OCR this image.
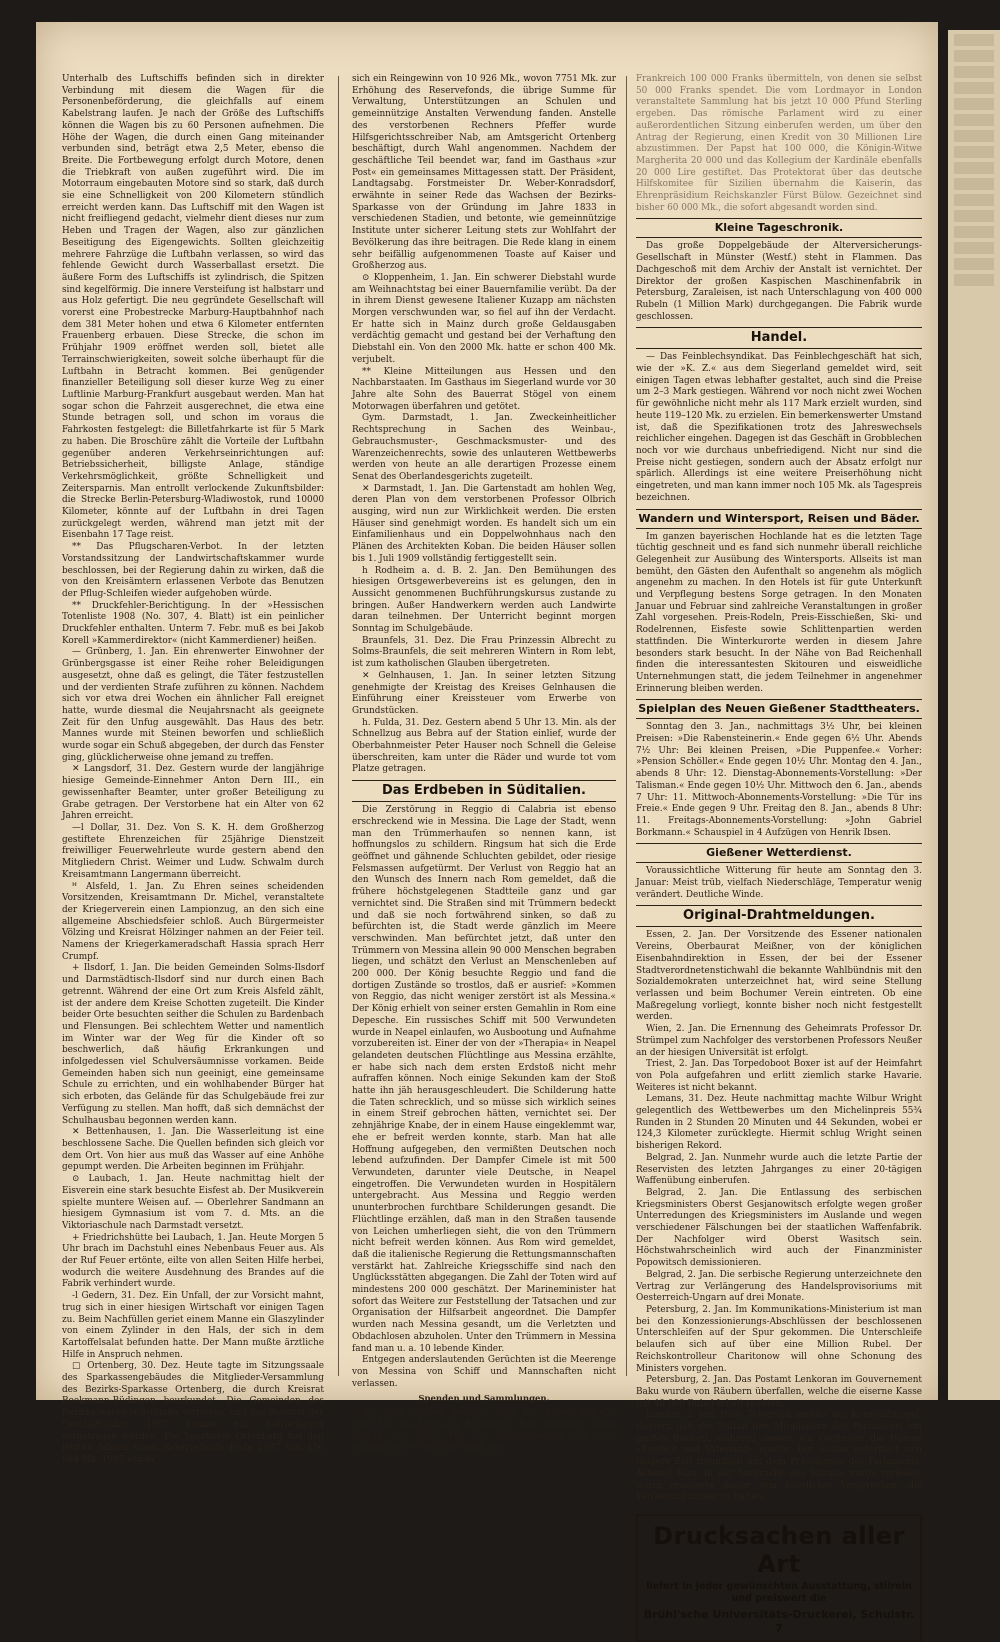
Unterhalb des Luftschiffs befinden sich in direkter Verbindung mit diesem die Wagen für die Personenbeförderung, die gleichfalls auf einem Kabelstrang laufen. Je nach der Größe des Luftschiffs können die Wagen bis zu 60 Personen aufnehmen. Die Höhe der Wagen, die durch einen Gang miteinander verbunden sind, beträgt etwa 2,5 Meter, ebenso die Breite. Die Fortbewegung erfolgt durch Motore, denen die Triebkraft von außen zugeführt wird. Die im Motorraum eingebauten Motore sind so stark, daß durch sie eine Schnelligkeit von 200 Kilometern stündlich erreicht werden kann. Das Luftschiff mit den Wagen ist nicht freifliegend gedacht, vielmehr dient dieses nur zum Heben und Tragen der Wagen, also zur gänzlichen Beseitigung des Eigengewichts. Sollten gleichzeitig mehrere Fahrzüge die Luftbahn verlassen, so wird das fehlende Gewicht durch Wasserballast ersetzt. Die äußere Form des Luftschiffs ist zylindrisch, die Spitzen sind kegelförmig. Die innere Versteifung ist halbstarr und aus Holz gefertigt. Die neu gegründete Gesellschaft will vorerst eine Probestrecke Marburg-Hauptbahnhof nach dem 381 Meter hohen und etwa 6 Kilometer entfernten Frauenberg erbauen. Diese Strecke, die schon im Frühjahr 1909 eröffnet werden soll, bietet alle Terrainschwierigkeiten, soweit solche überhaupt für die Luftbahn in Betracht kommen. Bei genügender finanzieller Beteiligung soll dieser kurze Weg zu einer Luftlinie Marburg-Frankfurt ausgebaut werden. Man hat sogar schon die Fahrzeit ausgerechnet, die etwa eine Stunde betragen soll, und schon im voraus die Fahrkosten festgelegt: die Billetfahrkarte ist für 5 Mark zu haben. Die Broschüre zählt die Vorteile der Luftbahn gegenüber anderen Verkehrseinrichtungen auf: Betriebssicherheit, billigste Anlage, ständige Verkehrsmöglichkeit, größte Schnelligkeit und Zeitersparnis. Man entrollt verlockende Zukunftsbilder: die Strecke Berlin-Petersburg-Wladiwostok, rund 10000 Kilometer, könnte auf der Luftbahn in drei Tagen zurückgelegt werden, während man jetzt mit der Eisenbahn 17 Tage reist.

** Das Pflugscharen-Verbot. In der letzten Vorstandssitzung der Landwirtschaftskammer wurde beschlossen, bei der Regierung dahin zu wirken, daß die von den Kreisämtern erlassenen Verbote das Benutzen der Pflug-Schleifen wieder aufgehoben würde.

** Druckfehler-Berichtigung. In der »Hessischen Totenliste 1908 (No. 307, 4. Blatt) ist ein peinlicher Druckfehler enthalten. Unterm 7. Febr. muß es bei Jakob Korell »Kammerdirektor« (nicht Kammerdiener) heißen.

— Grünberg, 1. Jan. Ein ehrenwerter Einwohner der Grünbergsgasse ist einer Reihe roher Beleidigungen ausgesetzt, ohne daß es gelingt, die Täter festzustellen und der verdienten Strafe zuführen zu können. Nachdem sich vor etwa drei Wochen ein ähnlicher Fall ereignet hatte, wurde diesmal die Neujahrsnacht als geeignete Zeit für den Unfug ausgewählt. Das Haus des betr. Mannes wurde mit Steinen beworfen und schließlich wurde sogar ein Schuß abgegeben, der durch das Fenster ging, glücklicherweise ohne jemand zu treffen.

✕ Langsdorf, 31. Dez. Gestern wurde der langjährige hiesige Gemeinde-Einnehmer Anton Dern III., ein gewissenhafter Beamter, unter großer Beteiligung zu Grabe getragen. Der Verstorbene hat ein Alter von 62 Jahren erreicht.

—l Dollar, 31. Dez. Von S. K. H. dem Großherzog gestiftete Ehrenzeichen für 25jährige Dienstzeit freiwilliger Feuerwehrleute wurde gestern abend den Mitgliedern Christ. Weimer und Ludw. Schwalm durch Kreisamtmann Langermann überreicht.

ꟸ Alsfeld, 1. Jan. Zu Ehren seines scheidenden Vorsitzenden, Kreisamtmann Dr. Michel, veranstaltete der Kriegerverein einen Lampionzug, an den sich eine allgemeine Abschiedsfeier schloß. Auch Bürgermeister Völzing und Kreisrat Hölzinger nahmen an der Feier teil. Namens der Kriegerkameradschaft Hassia sprach Herr Crumpf.

+ Ilsdorf, 1. Jan. Die beiden Gemeinden Solms-Ilsdorf und Darmstädtisch-Ilsdorf sind nur durch einen Bach getrennt. Während der eine Ort zum Kreis Alsfeld zählt, ist der andere dem Kreise Schotten zugeteilt. Die Kinder beider Orte besuchten seither die Schulen zu Bardenbach und Flensungen. Bei schlechtem Wetter und namentlich im Winter war der Weg für die Kinder oft so beschwerlich, daß häufig Erkrankungen und infolgedessen viel Schulversäumnisse vorkamen. Beide Gemeinden haben sich nun geeinigt, eine gemeinsame Schule zu errichten, und ein wohlhabender Bürger hat sich erboten, das Gelände für das Schulgebäude frei zur Verfügung zu stellen. Man hofft, daß sich demnächst der Schulhausbau begonnen werden kann.

✕ Bettenhausen, 1. Jan. Die Wasserleitung ist eine beschlossene Sache. Die Quellen befinden sich gleich vor dem Ort. Von hier aus muß das Wasser auf eine Anhöhe gepumpt werden. Die Arbeiten beginnen im Frühjahr.

⊙ Laubach, 1. Jan. Heute nachmittag hielt der Eisverein eine stark besuchte Eisfest ab. Der Musikverein spielte muntere Weisen auf. — Oberlehrer Sandmann an hiesigem Gymnasium ist vom 7. d. Mts. an die Viktoriaschule nach Darmstadt versetzt.

+ Friedrichshütte bei Laubach, 1. Jan. Heute Morgen 5 Uhr brach im Dachstuhl eines Nebenbaus Feuer aus. Als der Ruf Feuer ertönte, eilte von allen Seiten Hilfe herbei, wodurch die weitere Ausdehnung des Brandes auf die Fabrik verhindert wurde.

-l Gedern, 31. Dez. Ein Unfall, der zur Vorsicht mahnt, trug sich in einer hiesigen Wirtschaft vor einigen Tagen zu. Beim Nachfüllen geriet einem Manne ein Glaszylinder von einem Zylinder in den Hals, der sich in dem Kartoffelsalat befunden hatte. Der Mann mußte ärztliche Hilfe in Anspruch nehmen.

□ Ortenberg, 30. Dez. Heute tagte im Sitzungssaale des Sparkassengebäudes die Mitglieder-Versammlung des Bezirks-Sparkasse Ortenberg, die durch Kreisrat Boekmann-Büdingen beurkundet. Die Gemeinden des Bezirks waren vollständig vertreten, und das Resultat der Geschäftsjahre 1907 konnte mit Befriedigung vorgetragen werden. Die Sparkasse Ortenberg hat den letzten Jahren einen Reservefonds Ende 1907 von 156 684 Mk. 1907 ergab

sich ein Reingewinn von 10 926 Mk., wovon 7751 Mk. zur Erhöhung des Reservefonds, die übrige Summe für Verwaltung, Unterstützungen an Schulen und gemeinnützige Anstalten Verwendung fanden. Anstelle des verstorbenen Rechners Pfeffer wurde Hilfsgerichtsschreiber Nab, am Amtsgericht Ortenberg beschäftigt, durch Wahl angenommen. Nachdem der geschäftliche Teil beendet war, fand im Gasthaus »zur Post« ein gemeinsames Mittagessen statt. Der Präsident, Landtagsabg. Forstmeister Dr. Weber-Konradsdorf, erwähnte in seiner Rede das Wachsen der Bezirks-Sparkasse von der Gründung im Jahre 1833 in verschiedenen Stadien, und betonte, wie gemeinnützige Institute unter sicherer Leitung stets zur Wohlfahrt der Bevölkerung das ihre beitragen. Die Rede klang in einem sehr beifällig aufgenommenen Toaste auf Kaiser und Großherzog aus.

⊙ Kloppenheim, 1. Jan. Ein schwerer Diebstahl wurde am Weihnachtstag bei einer Bauernfamilie verübt. Da der in ihrem Dienst gewesene Italiener Kuzapp am nächsten Morgen verschwunden war, so fiel auf ihn der Verdacht. Er hatte sich in Mainz durch große Geldausgaben verdächtig gemacht und gestand bei der Verhaftung den Diebstahl ein. Von den 2000 Mk. hatte er schon 400 Mk. verjubelt.

** Kleine Mitteilungen aus Hessen und den Nachbarstaaten. Im Gasthaus im Siegerland wurde vor 30 Jahre alte Sohn des Bauerrat Stögel von einem Motorwagen überfahren und getötet.

Gym. Darmstadt, 1. Jan. Zweckeinheitlicher Rechtsprechung in Sachen des Weinbau-, Gebrauchsmuster-, Geschmacksmuster- und des Warenzeichenrechts, sowie des unlauteren Wettbewerbs werden von heute an alle derartigen Prozesse einem Senat des Oberlandesgerichts zugeteilt.

✕ Darmstadt, 1. Jan. Die Gartenstadt am hohlen Weg, deren Plan von dem verstorbenen Professor Olbrich ausging, wird nun zur Wirklichkeit werden. Die ersten Häuser sind genehmigt worden. Es handelt sich um ein Einfamilienhaus und ein Doppelwohnhaus nach den Plänen des Architekten Koban. Die beiden Häuser sollen bis 1. Juli 1909 vollständig fertiggestellt sein.

h Rodheim a. d. B. 2. Jan. Den Bemühungen des hiesigen Ortsgewerbevereins ist es gelungen, den in Aussicht genommenen Buchführungskursus zustande zu bringen. Außer Handwerkern werden auch Landwirte daran teilnehmen. Der Unterricht beginnt morgen Sonntag im Schulgebäude.

Braunfels, 31. Dez. Die Frau Prinzessin Albrecht zu Solms-Braunfels, die seit mehreren Wintern in Rom lebt, ist zum katholischen Glauben übergetreten.

✕ Gelnhausen, 1. Jan. In seiner letzten Sitzung genehmigte der Kreistag des Kreises Gelnhausen die Einführung einer Kreissteuer vom Erwerbe von Grundstücken.

h. Fulda, 31. Dez. Gestern abend 5 Uhr 13. Min. als der Schnellzug aus Bebra auf der Station einlief, wurde der Oberbahnmeister Peter Hauser noch Schnell die Geleise überschreiten, kam unter die Räder und wurde tot vom Platze getragen.

Das Erdbeben in Süditalien.

Die Zerstörung in Reggio di Calabria ist ebenso erschreckend wie in Messina. Die Lage der Stadt, wenn man den Trümmerhaufen so nennen kann, ist hoffnungslos zu schildern. Ringsum hat sich die Erde geöffnet und gähnende Schluchten gebildet, oder riesige Felsmassen aufgetürmt. Der Verlust von Reggio hat an den Wunsch des Innern nach Rom gemeldet, daß die frühere höchstgelegenen Stadtteile ganz und gar vernichtet sind. Die Straßen sind mit Trümmern bedeckt und daß sie noch fortwährend sinken, so daß zu befürchten ist, die Stadt werde gänzlich im Meere verschwinden. Man befürchtet jetzt, daß unter den Trümmern von Messina allein 90 000 Menschen begraben liegen, und schätzt den Verlust an Menschenleben auf 200 000. Der König besuchte Reggio und fand die dortigen Zustände so trostlos, daß er ausrief: »Kommen von Reggio, das nicht weniger zerstört ist als Messina.« Der König erhielt von seiner ersten Gemahlin in Rom eine Depesche. Ein russisches Schiff mit 500 Verwundeten wurde in Neapel einlaufen, wo Ausbootung und Aufnahme vorzubereiten ist. Einer der von der »Therapia« in Neapel gelandeten deutschen Flüchtlinge aus Messina erzählte, er habe sich nach dem ersten Erdstoß nicht mehr aufraffen können. Noch einige Sekunden kam der Stoß hatte ihn jäh herausgeschleudert. Die Schilderung hatte die Taten schrecklich, und so müsse sich wirklich seines in einem Streif gebrochen hätten, vernichtet sei. Der zehnjährige Knabe, der in einem Hause eingeklemmt war, ehe er befreit werden konnte, starb. Man hat alle Hoffnung aufgegeben, den vermißten Deutschen noch lebend aufzufinden. Der Dampfer Cimele ist mit 500 Verwundeten, darunter viele Deutsche, in Neapel eingetroffen. Die Verwundeten wurden in Hospitälern untergebracht. Aus Messina und Reggio werden ununterbrochen furchtbare Schilderungen gesandt. Die Flüchtlinge erzählen, daß man in den Straßen tausende von Leichen umherliegen sieht, die von den Trümmern nicht befreit werden können. Aus Rom wird gemeldet, daß die italienische Regierung die Rettungsmannschaften verstärkt hat. Zahlreiche Kriegsschiffe sind nach den Unglücksstätten abgegangen. Die Zahl der Toten wird auf mindestens 200 000 geschätzt. Der Marineminister hat sofort das Weitere zur Feststellung der Tatsachen und zur Organisation der Hilfsarbeit angeordnet. Die Dampfer wurden nach Messina gesandt, um die Verletzten und Obdachlosen abzuholen. Unter den Trümmern in Messina fand man u. a. 10 lebende Kinder.

Entgegen anderslautenden Gerüchten ist die Meerenge von Messina von Schiff und Mannschaften nicht verlassen.

Spenden und Sammlungen.

Die Stadt Gießen spendete 5000 Mk. Kaiser Wilhelm 6000 Mk. Die Kölnische Kammer in Köln bewilligte einen Betrag von 5000 Mk. Im Einverständnis mit dem Finanzminister wird die Bank von

Frankreich 100 000 Franks übermitteln, von denen sie selbst 50 000 Franks spendet. Die vom Lordmayor in London veranstaltete Sammlung hat bis jetzt 10 000 Pfund Sterling ergeben. Das römische Parlament wird zu einer außerordentlichen Sitzung einberufen werden, um über den Antrag der Regierung, einen Kredit von 30 Millionen Lire abzustimmen. Der Papst hat 100 000, die Königin-Witwe Margherita 20 000 und das Kollegium der Kardinäle ebenfalls 20 000 Lire gestiftet. Das Protektorat über das deutsche Hilfskomitee für Sizilien übernahm die Kaiserin, das Ehrenpräsidium Reichskanzler Fürst Bülow. Gezeichnet sind bisher 60 000 Mk., die sofort abgesandt worden sind.

Kleine Tageschronik.

Das große Doppelgebäude der Alterversicherungs-Gesellschaft in Münster (Westf.) steht in Flammen. Das Dachgeschoß mit dem Archiv der Anstalt ist vernichtet. Der Direktor der großen Kaspischen Maschinenfabrik in Petersburg, Zaraleisen, ist nach Unterschlagung von 400 000 Rubeln (1 Million Mark) durchgegangen. Die Fabrik wurde geschlossen.

Handel.

— Das Feinblechsyndikat. Das Feinblechgeschäft hat sich, wie der »K. Z.« aus dem Siegerland gemeldet wird, seit einigen Tagen etwas lebhafter gestaltet, auch sind die Preise um 2–3 Mark gestiegen. Während vor noch nicht zwei Wochen für gewöhnliche nicht mehr als 117 Mark erzielt wurden, sind heute 119–120 Mk. zu erzielen. Ein bemerkenswerter Umstand ist, daß die Spezifikationen trotz des Jahreswechsels reichlicher eingehen. Dagegen ist das Geschäft in Grobblechen noch vor wie durchaus unbefriedigend. Nicht nur sind die Preise nicht gestiegen, sondern auch der Absatz erfolgt nur spärlich. Allerdings ist eine weitere Preiserhöhung nicht eingetreten, und man kann immer noch 105 Mk. als Tagespreis bezeichnen.

Wandern und Wintersport, Reisen und Bäder.

Im ganzen bayerischen Hochlande hat es die letzten Tage tüchtig geschneit und es fand sich nunmehr überall reichliche Gelegenheit zur Ausübung des Wintersports. Allseits ist man bemüht, den Gästen den Aufenthalt so angenehm als möglich angenehm zu machen. In den Hotels ist für gute Unterkunft und Verpflegung bestens Sorge getragen. In den Monaten Januar und Februar sind zahlreiche Veranstaltungen in großer Zahl vorgesehen. Preis-Rodeln, Preis-Eisschießen, Ski- und Rodelrennen, Eisfeste sowie Schlittenpartien werden stattfinden. Die Winterkurorte werden in diesem Jahre besonders stark besucht. In der Nähe von Bad Reichenhall finden die interessantesten Skitouren und eisweidliche Unternehmungen statt, die jedem Teilnehmer in angenehmer Erinnerung bleiben werden.

Spielplan des Neuen Gießener Stadttheaters.

Sonntag den 3. Jan., nachmittags 3½ Uhr, bei kleinen Preisen: »Die Rabensteinerin.« Ende gegen 6½ Uhr. Abends 7½ Uhr: Bei kleinen Preisen, »Die Puppenfee.« Vorher: »Pension Schöller.« Ende gegen 10½ Uhr. Montag den 4. Jan., abends 8 Uhr: 12. Dienstag-Abonnements-Vorstellung: »Der Talisman.« Ende gegen 10½ Uhr. Mittwoch den 6. Jan., abends 7 Uhr: 11. Mittwoch-Abonnements-Vorstellung: »Die Tür ins Freie.« Ende gegen 9 Uhr. Freitag den 8. Jan., abends 8 Uhr: 11. Freitags-Abonnements-Vorstellung: »John Gabriel Borkmann.« Schauspiel in 4 Aufzügen von Henrik Ibsen.

Gießener Wetterdienst.

Voraussichtliche Witterung für heute am Sonntag den 3. Januar: Meist trüb, vielfach Niederschläge, Temperatur wenig verändert. Deutliche Winde.

Original-Drahtmeldungen.

Essen, 2. Jan. Der Vorsitzende des Essener nationalen Vereins, Oberbaurat Meißner, von der königlichen Eisenbahndirektion in Essen, der bei der Essener Stadtverordnetenstichwahl die bekannte Wahlbündnis mit den Sozialdemokraten unterzeichnet hat, wird seine Stellung verlassen und beim Bochumer Verein eintreten. Ob eine Maßregelung vorliegt, konnte bisher noch nicht festgestellt werden.

Wien, 2. Jan. Die Ernennung des Geheimrats Professor Dr. Strümpel zum Nachfolger des verstorbenen Professors Neußer an der hiesigen Universität ist erfolgt.

Triest, 2. Jan. Das Torpedoboot Boxer ist auf der Heimfahrt von Pola aufgefahren und erlitt ziemlich starke Havarie. Weiteres ist nicht bekannt.

Lemans, 31. Dez. Heute nachmittag machte Wilbur Wright gelegentlich des Wettbewerbes um den Michelinpreis 55¾ Runden in 2 Stunden 20 Minuten und 44 Sekunden, wobei er 124,3 Kilometer zurücklegte. Hiermit schlug Wright seinen bisherigen Rekord.

Belgrad, 2. Jan. Nunmehr wurde auch die letzte Partie der Reservisten des letzten Jahrganges zu einer 20-tägigen Waffenübung einberufen.

Belgrad, 2. Jan. Die Entlassung des serbischen Kriegsministers Oberst Gesjanowitsch erfolgte wegen großer Unterredungen des Kriegsministers im Auslande und wegen verschiedener Fälschungen bei der staatlichen Waffenfabrik. Der Nachfolger wird Oberst Wasitsch sein. Höchstwahrscheinlich wird auch der Finanzminister Popowitsch demissionieren.

Belgrad, 2. Jan. Die serbische Regierung unterzeichnete den Vertrag zur Verlängerung des Handelsprovisoriums mit Oesterreich-Ungarn auf drei Monate.

Petersburg, 2. Jan. Im Kommunikations-Ministerium ist man bei den Konzessionierungs-Abschlüssen der beschlossenen Unterschleifen auf der Spur gekommen. Die Unterschleife belaufen sich auf über eine Million Rubel. Der Reichskontrolleur Charitonow will ohne Schonung des Ministers vorgehen.

Petersburg, 2. Jan. Das Postamt Lenkoran im Gouvernement Baku wurde von Räubern überfallen, welche die eiserne Kasse mit 40 000 Rubel Inhalt raubten.

London, 2. Jan. Daily Telegraph meldet aus Konstantinopel: Gestern gab der Sultan den Mitgliedern des Parlaments ein großes Bankett, während dessen ein Orchester die Hymne »Freiheit und Vaterland« spielte. Der Sultan unterhielt sich längere Zeit freundlich mit dem Präsidenten des Parlaments, Achmed Riza. In der Ansprache des Sultans wurde verlesen, worin erneuerte dieser sein feierliches Versprechen, die Verfassung immer zu halten.

Drucksachen aller Art
liefert in jeder gewünschten Ausstattung, stilrein und preiswert die
Brühl'sche Universitäts-Druckerei, Schulstr. 7
